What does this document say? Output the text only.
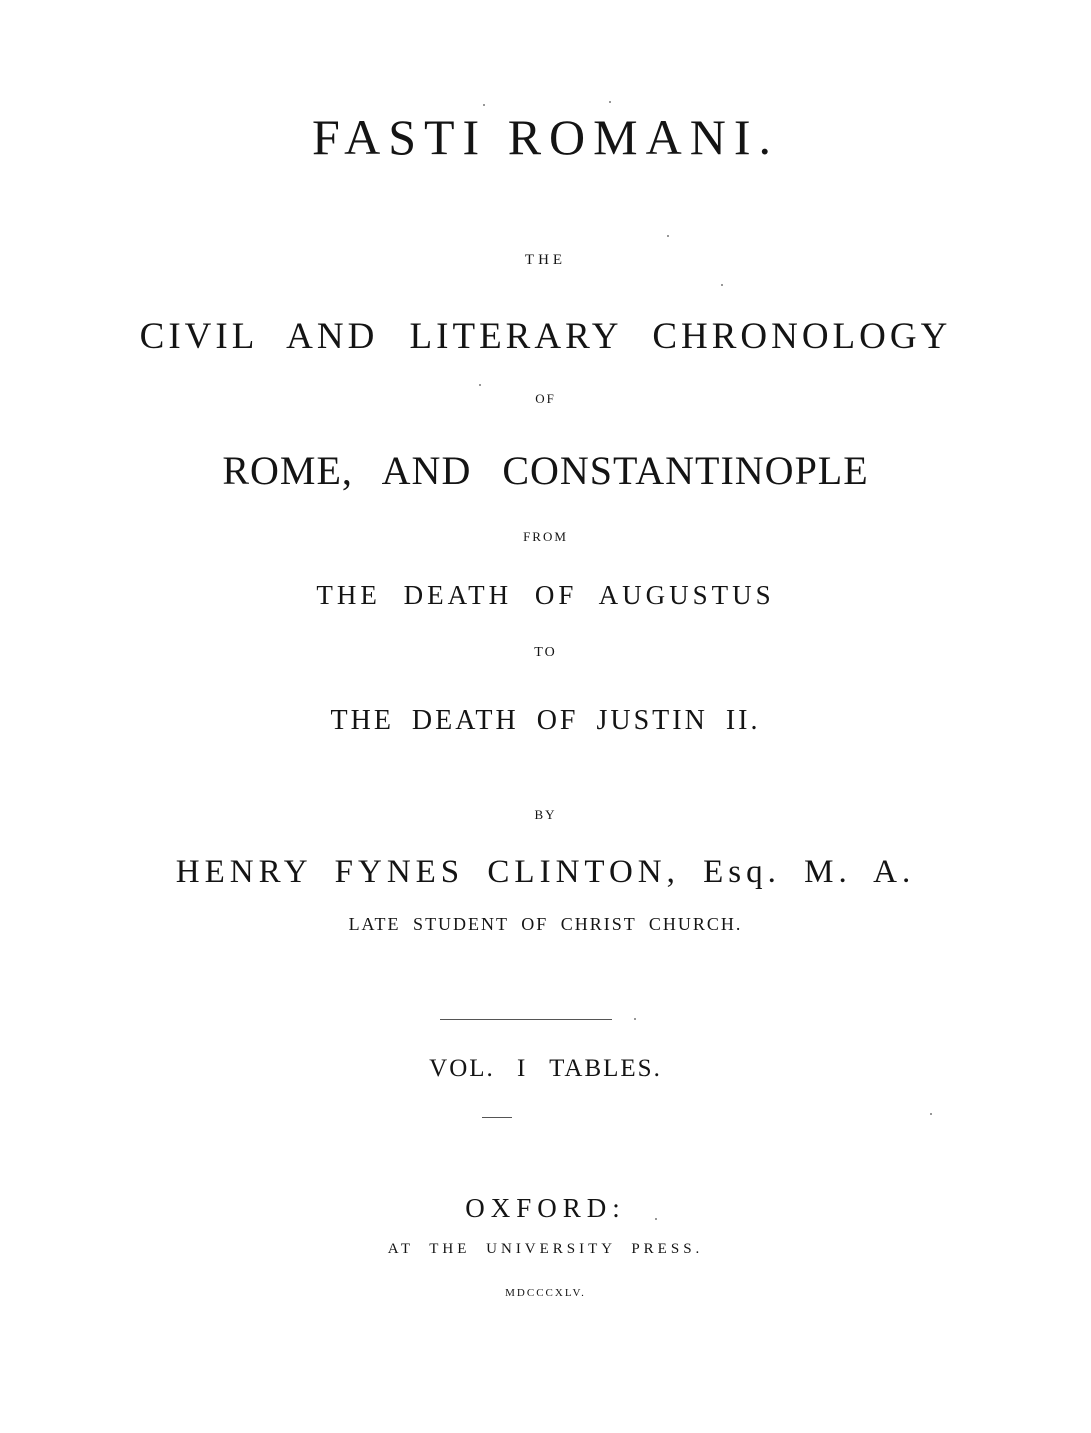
FASTI ROMANI.
THE
CIVIL AND LITERARY CHRONOLOGY
OF
ROME, AND CONSTANTINOPLE
FROM
THE DEATH OF AUGUSTUS
TO
THE DEATH OF JUSTIN II.
BY
HENRY FYNES CLINTON, Esq. M. A.
LATE STUDENT OF CHRIST CHURCH.
VOL. I TABLES.
OXFORD:
AT THE UNIVERSITY PRESS.
MDCCCXLV.
